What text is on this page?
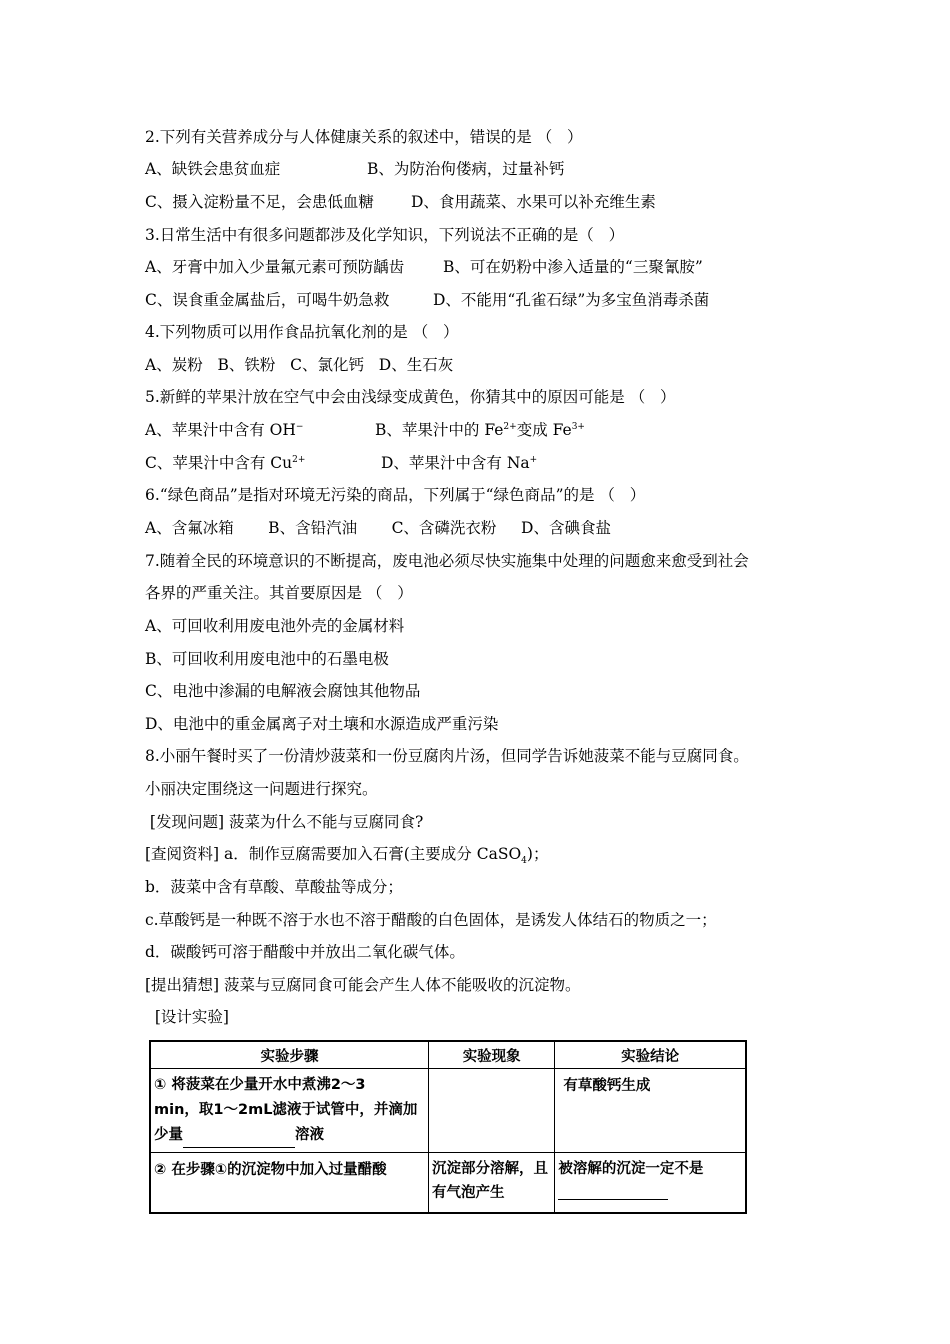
2.下列有关营养成分与人体健康关系的叙述中，错误的是 （   ）
A、缺铁会患贫血症	B、为防治佝偻病，过量补钙
C、摄入淀粉量不足，会患低血糖 D、食用蔬菜、水果可以补充维生素
3.日常生活中有很多问题都涉及化学知识，下列说法不正确的是（   ）
A、牙膏中加入少量氟元素可预防龋齿	B、可在奶粉中渗入适量的“三聚氰胺”
C、误食重金属盐后，可喝牛奶急救	D、不能用“孔雀石绿”为多宝鱼消毒杀菌
4.下列物质可以用作食品抗氧化剂的是 （   ）
A、炭粉   B、铁粉   C、氯化钙   D、生石灰
5.新鲜的苹果汁放在空气中会由浅绿变成黄色，你猜其中的原因可能是 （   ）
A、苹果汁中含有 OH−	B、苹果汁中的 $Fe^{2+}$变成 $Fe^{3+}$
C、苹果汁中含有 $Cu^{2+}$	D、苹果汁中含有 Na+
6.“绿色商品”是指对环境无污染的商品，下列属于“绿色商品”的是 （   ）
A、含氟冰箱       B、含铅汽油       C、含磷洗衣粉     D、含碘食盐
7.随着全民的环境意识的不断提高，废电池必须尽快实施集中处理的问题愈来愈受到社会
各界的严重关注。其首要原因是 （   ）
A、可回收利用废电池外壳的金属材料
B、可回收利用废电池中的石墨电极
C、电池中渗漏的电解液会腐蚀其他物品
D、电池中的重金属离子对土壤和水源造成严重污染
8.小丽午餐时买了一份清炒菠菜和一份豆腐肉片汤，但同学告诉她菠菜不能与豆腐同食。
小丽决定围绕这一问题进行探究。
[发现问题] 菠菜为什么不能与豆腐同食?
[查阅资料] a．制作豆腐需要加入石膏(主要成分 CaSO$_4$)；
b．菠菜中含有草酸、草酸盐等成分；
c.草酸钙是一种既不溶于水也不溶于醋酸的白色固体，是诱发人体结石的物质之一；
d．碳酸钙可溶于醋酸中并放出二氧化碳气体。
[提出猜想] 菠菜与豆腐同食可能会产生人体不能吸收的沉淀物。
[设计实验]
实验步骤	实验现象	实验结论

① 将菠菜在少量开水中煮沸2～3
min，取1～2mL滤液于试管中，并滴加
少量 溶液		有草酸钙生成

② 在步骤①的沉淀物中加入过量醋酸	沉淀部分溶解，且
有气泡产生	被溶解的沉淀一定不是
